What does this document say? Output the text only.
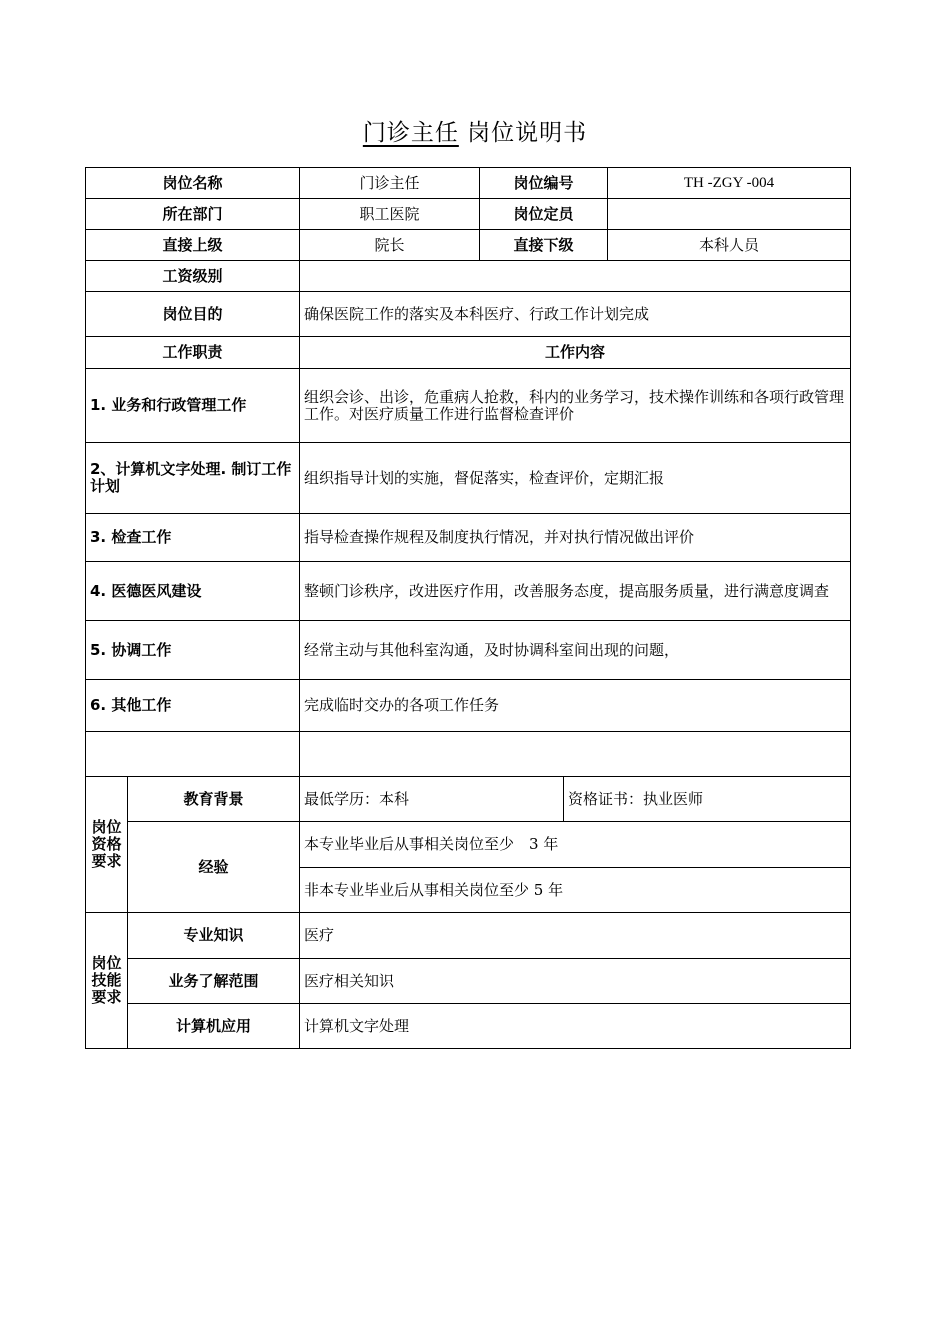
门诊主任 岗位说明书
岗位名称		门诊主任	岗位编号		TH -ZGY -004
所在部门		职工医院	岗位定员		
直接上级		院长	直接下级		本科人员
工资级别					
岗位目的		确保医院工作的落实及本科医疗、行政工作计划完成			
工作职责		工作内容			
1. 业务和行政管理工作		组织会诊、出诊，危重病人抢救，科内的业务学习，技术操作训练和各项行政管理工作。对医疗质量工作进行监督检查评价			
2、计算机文字处理. 制订工作计划		组织指导计划的实施，督促落实，检查评价，定期汇报			
3. 检查工作		指导检查操作规程及制度执行情况，并对执行情况做出评价			
4. 医德医风建设		整顿门诊秩序，改进医疗作用，改善服务态度，提高服务质量，进行满意度调查			
5. 协调工作		经常主动与其他科室沟通，及时协调科室间出现的问题，			
6. 其他工作		完成临时交办的各项工作任务			

岗位资格要求	教育背景	最低学历：本科		资格证书：执业医师	
	经验	本专业毕业后从事相关岗位至少　3 年			
		非本专业毕业后从事相关岗位至少 5 年			
岗位技能要求	专业知识	医疗			
	业务了解范围	医疗相关知识			
	计算机应用	计算机文字处理			
